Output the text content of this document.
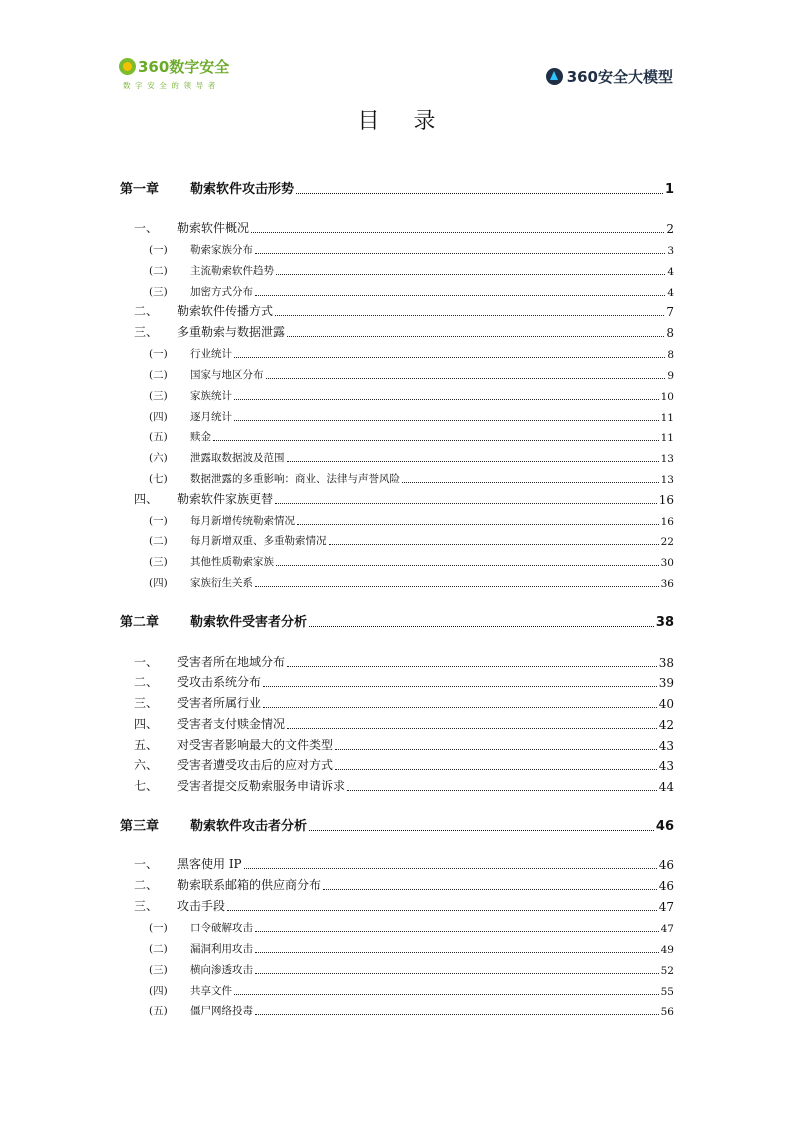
360数字安全
数字安全的领导者	360安全大模型
目录
第一章 勒索软件攻击形势	1
一、 勒索软件概况	2
(一) 勒索家族分布	3
(二) 主流勒索软件趋势	4
(三) 加密方式分布	4
二、 勒索软件传播方式	7
三、 多重勒索与数据泄露	8
(一) 行业统计	8
(二) 国家与地区分布	9
(三) 家族统计	10
(四) 逐月统计	11
(五) 赎金	11
(六) 泄露取数据波及范围	13
(七) 数据泄露的多重影响：商业、法律与声誉风险	13
四、 勒索软件家族更替	16
(一) 每月新增传统勒索情况	16
(二) 每月新增双重、多重勒索情况	22
(三) 其他性质勒索家族	30
(四) 家族衍生关系	36
第二章 勒索软件受害者分析	38
一、 受害者所在地域分布	38
二、 受攻击系统分布	39
三、 受害者所属行业	40
四、 受害者支付赎金情况	42
五、 对受害者影响最大的文件类型	43
六、 受害者遭受攻击后的应对方式	43
七、 受害者提交反勒索服务申请诉求	44
第三章 勒索软件攻击者分析	46
一、 黑客使用 IP	46
二、 勒索联系邮箱的供应商分布	46
三、 攻击手段	47
(一) 口令破解攻击	47
(二) 漏洞利用攻击	49
(三) 横向渗透攻击	52
(四) 共享文件	55
(五) 僵尸网络投毒	56
